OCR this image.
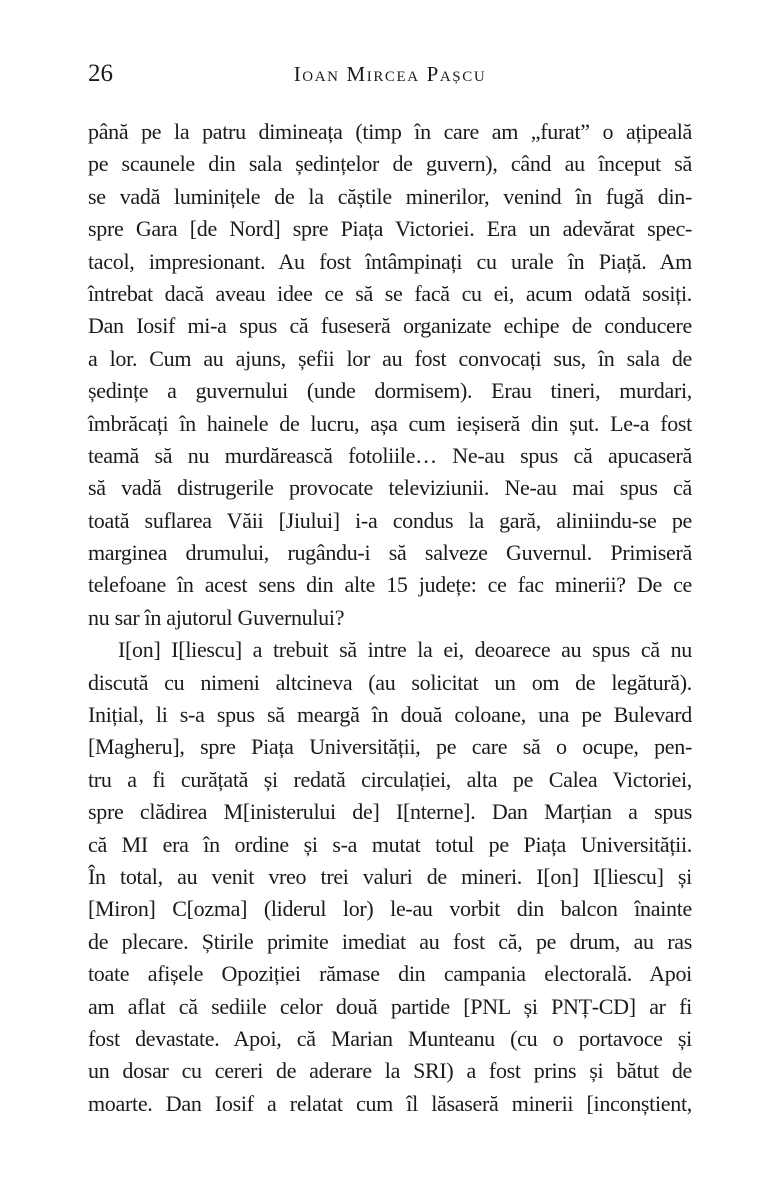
26	Ioan Mircea Pașcu
până pe la patru dimineața (timp în care am „furat” o ațipeală
pe scaunele din sala ședințelor de guvern), când au început să
se vadă luminițele de la căștile minerilor, venind în fugă din-
spre Gara [de Nord] spre Piața Victoriei. Era un adevărat spec-
tacol, impresionant. Au fost întâmpinați cu urale în Piață. Am
întrebat dacă aveau idee ce să se facă cu ei, acum odată sosiți.
Dan Iosif mi-a spus că fuseseră organizate echipe de conducere
a lor. Cum au ajuns, șefii lor au fost convocați sus, în sala de
ședințe a guvernului (unde dormisem). Erau tineri, murdari,
îmbrăcați în hainele de lucru, așa cum ieșiseră din șut. Le-a fost
teamă să nu murdărească fotoliile… Ne-au spus că apucaseră
să vadă distrugerile provocate televiziunii. Ne-au mai spus că
toată suflarea Văii [Jiului] i-a condus la gară, aliniindu-se pe
marginea drumului, rugându-i să salveze Guvernul. Primiseră
telefoane în acest sens din alte 15 județe: ce fac minerii? De ce
nu sar în ajutorul Guvernului?
I[on] I[liescu] a trebuit să intre la ei, deoarece au spus că nu
discută cu nimeni altcineva (au solicitat un om de legătură).
Inițial, li s-a spus să meargă în două coloane, una pe Bulevard
[Magheru], spre Piața Universității, pe care să o ocupe, pen-
tru a fi curățată și redată circulației, alta pe Calea Victoriei,
spre clădirea M[inisterului de] I[nterne]. Dan Marțian a spus
că MI era în ordine și s-a mutat totul pe Piața Universității.
În total, au venit vreo trei valuri de mineri. I[on] I[liescu] și
[Miron] C[ozma] (liderul lor) le-au vorbit din balcon înainte
de plecare. Știrile primite imediat au fost că, pe drum, au ras
toate afișele Opoziției rămase din campania electorală. Apoi
am aflat că sediile celor două partide [PNL și PNȚ-CD] ar fi
fost devastate. Apoi, că Marian Munteanu (cu o portavoce și
un dosar cu cereri de aderare la SRI) a fost prins și bătut de
moarte. Dan Iosif a relatat cum îl lăsaseră minerii [inconștient,
